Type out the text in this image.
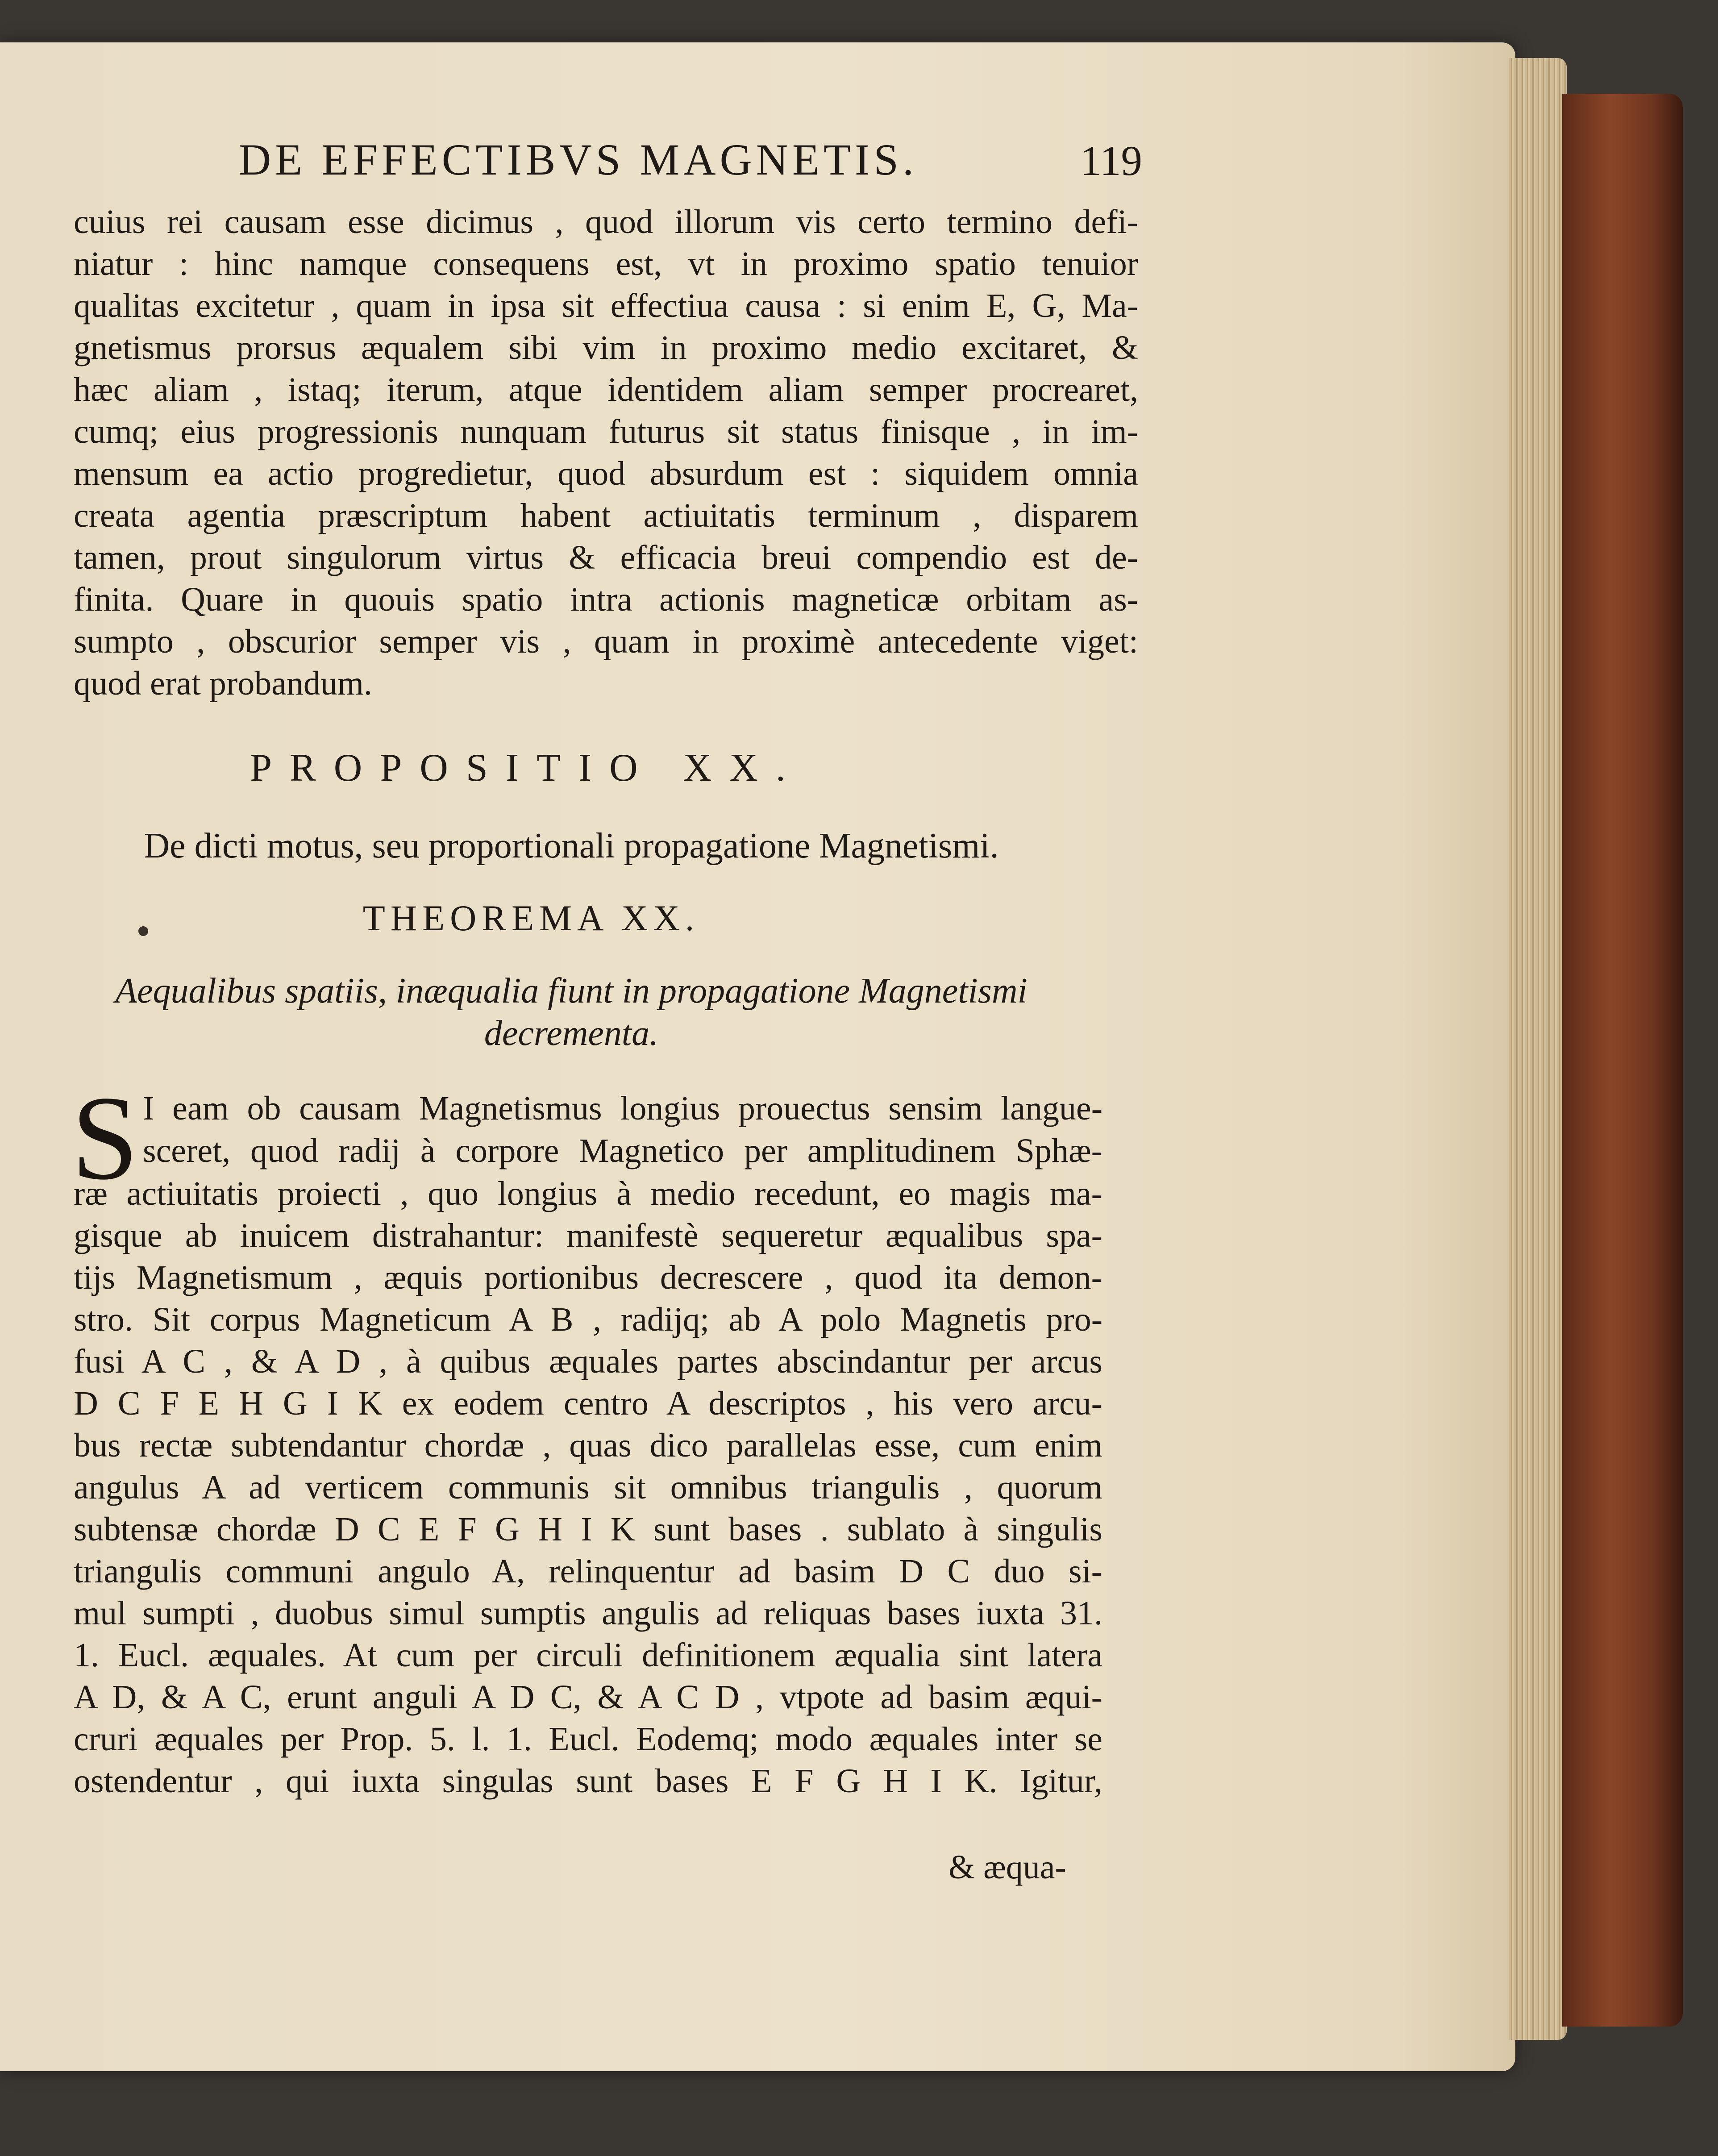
DE EFFECTIBVS MAGNETIS.	119
cuius rei causam esse dicimus , quod illorum vis certo termino defi-
niatur : hinc namque consequens est, vt in proximo spatio tenuior
qualitas excitetur , quam in ipsa sit effectiua causa : si enim E, G, Ma-
gnetismus prorsus æqualem sibi vim in proximo medio excitaret, &
hæc aliam , istaq; iterum, atque identidem aliam semper procrearet,
cumq; eius progressionis nunquam futurus sit status finisque , in im-
mensum ea actio progredietur, quod absurdum est : siquidem omnia
creata agentia præscriptum habent actiuitatis terminum , disparem
tamen, prout singulorum virtus & efficacia breui compendio est de-
finita. Quare in quouis spatio intra actionis magneticæ orbitam as-
sumpto , obscurior semper vis , quam in proximè antecedente viget:
quod erat probandum.
PROPOSITIO XX.
De dicti motus, seu proportionali propagatione Magnetismi.
THEOREMA XX.
Aequalibus spatiis, inæqualia fiunt in propagatione Magnetismi
decrementa.
S I eam ob causam Magnetismus longius prouectus sensim langue-
sceret, quod radij à corpore Magnetico per amplitudinem Sphæ-
ræ actiuitatis proiecti , quo longius à medio recedunt, eo magis ma-
gisque ab inuicem distrahantur: manifestè sequeretur æqualibus spa-
tijs Magnetismum , æquis portionibus decrescere , quod ita demon-
stro. Sit corpus Magneticum A B , radijq; ab A polo Magnetis pro-
fusi A C , & A D , à quibus æquales partes abscindantur per arcus
D C F E H G I K ex eodem centro A descriptos , his vero arcu-
bus rectæ subtendantur chordæ , quas dico parallelas esse, cum enim
angulus A ad verticem communis sit omnibus triangulis , quorum
subtensæ chordæ D C E F G H I K sunt bases . sublato à singulis
triangulis communi angulo A, relinquentur ad basim D C duo si-
mul sumpti , duobus simul sumptis angulis ad reliquas bases iuxta 31.
1. Eucl. æquales. At cum per circuli definitionem æqualia sint latera
A D, & A C, erunt anguli A D C, & A C D , vtpote ad basim æqui-
cruri æquales per Prop. 5. l. 1. Eucl. Eodemq; modo æquales inter se
ostendentur , qui iuxta singulas sunt bases E F G H I K. Igitur,
& æqua-
